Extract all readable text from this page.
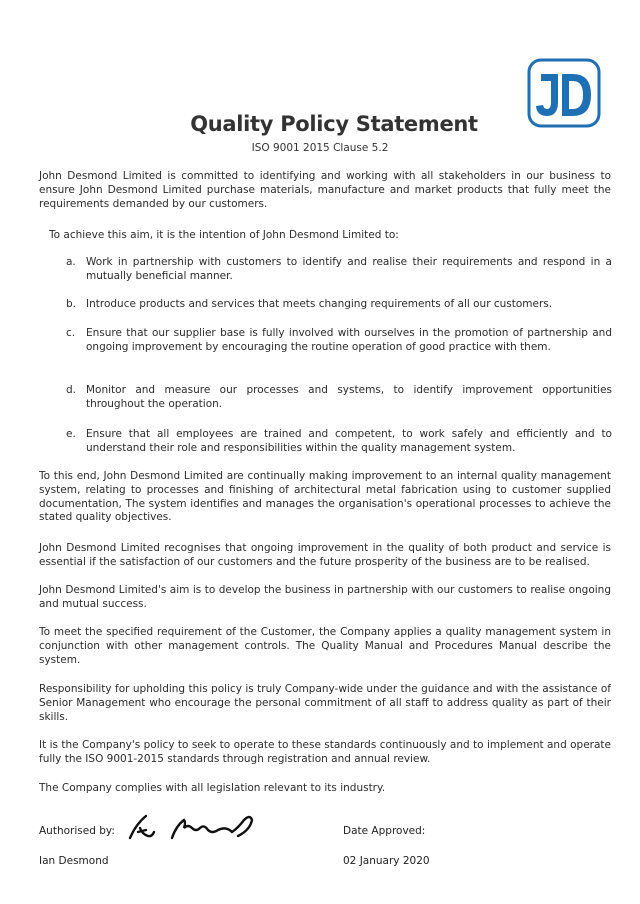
Quality Policy Statement
ISO 9001 2015 Clause 5.2
John Desmond Limited is committed to identifying and working with all stakeholders in our business to ensure John Desmond Limited purchase materials, manufacture and market products that fully meet the requirements demanded by our customers.
To achieve this aim, it is the intention of John Desmond Limited to:
a. Work in partnership with customers to identify and realise their requirements and respond in a mutually beneficial manner.
b. Introduce products and services that meets changing requirements of all our customers.
c. Ensure that our supplier base is fully involved with ourselves in the promotion of partnership and ongoing improvement by encouraging the routine operation of good practice with them.
d. Monitor and measure our processes and systems, to identify improvement opportunities throughout the operation.
e. Ensure that all employees are trained and competent, to work safely and efficiently and to understand their role and responsibilities within the quality management system.
To this end, John Desmond Limited are continually making improvement to an internal quality management system, relating to processes and finishing of architectural metal fabrication using to customer supplied documentation, The system identifies and manages the organisation's operational processes to achieve the stated quality objectives.
John Desmond Limited recognises that ongoing improvement in the quality of both product and service is essential if the satisfaction of our customers and the future prosperity of the business are to be realised.
John Desmond Limited's aim is to develop the business in partnership with our customers to realise ongoing and mutual success.
To meet the specified requirement of the Customer, the Company applies a quality management system in conjunction with other management controls. The Quality Manual and Procedures Manual describe the system.
Responsibility for upholding this policy is truly Company-wide under the guidance and with the assistance of Senior Management who encourage the personal commitment of all staff to address quality as part of their skills.
It is the Company's policy to seek to operate to these standards continuously and to implement and operate fully the ISO 9001-2015 standards through registration and annual review.
The Company complies with all legislation relevant to its industry.
Authorised by:	Date Approved:
Ian Desmond	02 January 2020
